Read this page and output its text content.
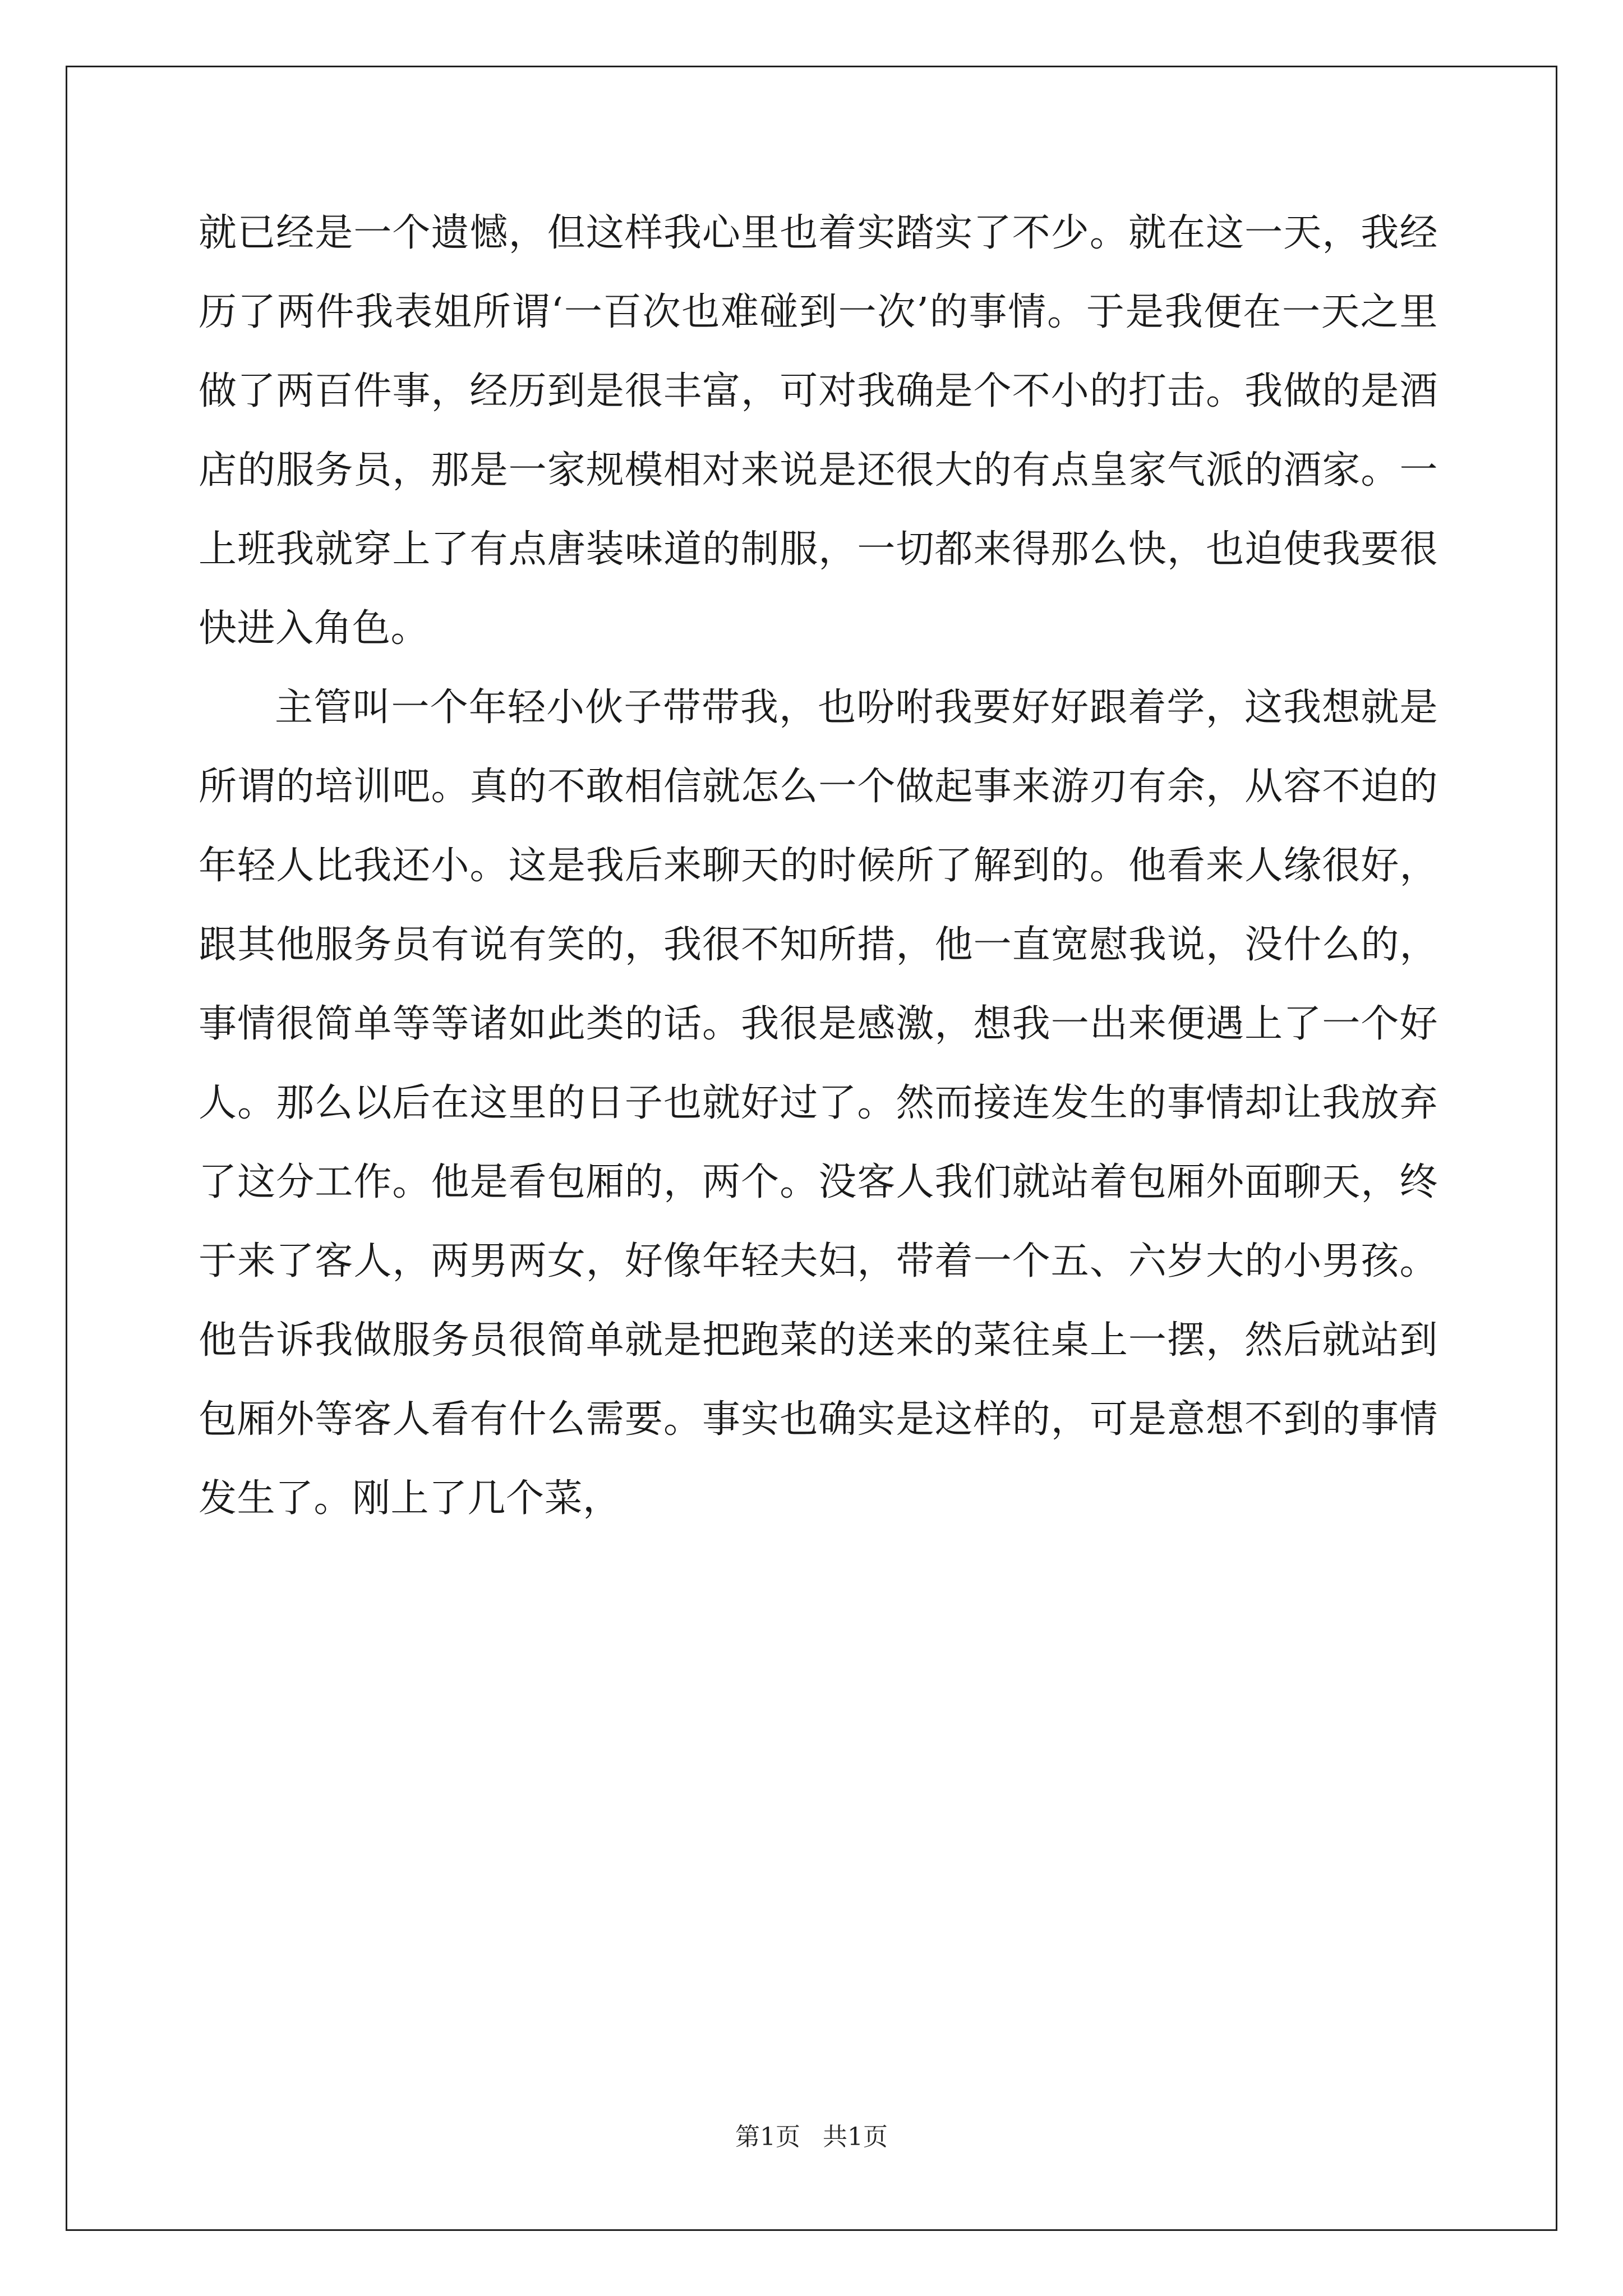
就已经是一个遗憾，但这样我心里也着实踏实了不少。就在这一天，我经历了两件我表姐所谓‘一百次也难碰到一次’的事情。于是我便在一天之里做了两百件事，经历到是很丰富，可对我确是个不小的打击。我做的是酒店的服务员，那是一家规模相对来说是还很大的有点皇家气派的酒家。一上班我就穿上了有点唐装味道的制服，一切都来得那么快，也迫使我要很快进入角色。

主管叫一个年轻小伙子带带我，也吩咐我要好好跟着学，这我想就是所谓的培训吧。真的不敢相信就怎么一个做起事来游刃有余，从容不迫的年轻人比我还小。这是我后来聊天的时候所了解到的。他看来人缘很好，跟其他服务员有说有笑的，我很不知所措，他一直宽慰我说，没什么的，事情很简单等等诸如此类的话。我很是感激，想我一出来便遇上了一个好人。那么以后在这里的日子也就好过了。然而接连发生的事情却让我放弃了这分工作。他是看包厢的，两个。没客人我们就站着包厢外面聊天，终于来了客人，两男两女，好像年轻夫妇，带着一个五、六岁大的小男孩。他告诉我做服务员很简单就是把跑菜的送来的菜往桌上一摆，然后就站到包厢外等客人看有什么需要。事实也确实是这样的，可是意想不到的事情发生了。刚上了几个菜，

第1页 共1页
